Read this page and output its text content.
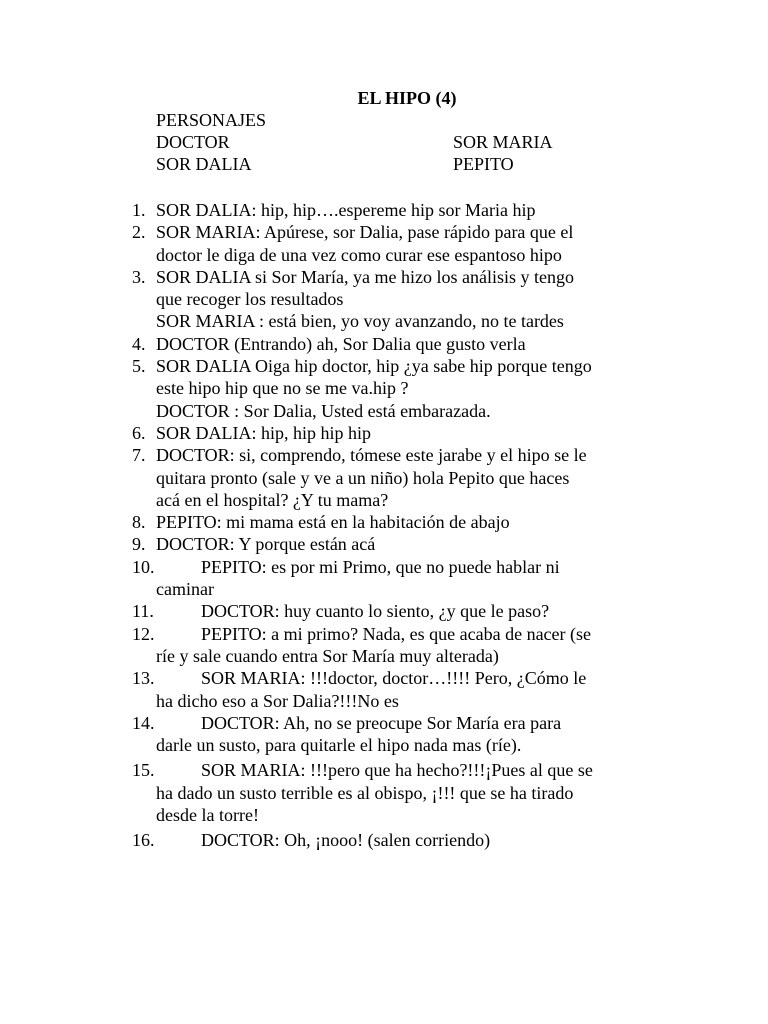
EL HIPO (4)
PERSONAJES
DOCTOR	SOR MARIA
SOR DALIA	PEPITO
1. SOR DALIA: hip, hip….espereme hip sor Maria hip
2. SOR MARIA: Apúrese, sor Dalia, pase rápido para que el
doctor le diga de una vez como curar ese espantoso hipo
3. SOR DALIA si Sor María, ya me hizo los análisis y tengo
que recoger los resultados
SOR MARIA : está bien, yo voy avanzando, no te tardes
4. DOCTOR (Entrando) ah, Sor Dalia que gusto verla
5. SOR DALIA Oiga hip doctor, hip ¿ya sabe hip porque tengo
este hipo hip que no se me va.hip ?
DOCTOR : Sor Dalia, Usted está embarazada.
6. SOR DALIA: hip, hip hip hip
7. DOCTOR: si, comprendo, tómese este jarabe y el hipo se le
quitara pronto (sale y ve a un niño) hola Pepito que haces
acá en el hospital? ¿Y tu mama?
8. PEPITO: mi mama está en la habitación de abajo
9. DOCTOR: Y porque están acá
10.	PEPITO: es por mi Primo, que no puede hablar ni
caminar
11.	DOCTOR: huy cuanto lo siento, ¿y que le paso?
12.	PEPITO: a mi primo? Nada, es que acaba de nacer (se
ríe y sale cuando entra Sor María muy alterada)
13.	SOR MARIA: !!!doctor, doctor…!!!! Pero, ¿Cómo le
ha dicho eso a Sor Dalia?!!!No es
14.	DOCTOR: Ah, no se preocupe Sor María era para
darle un susto, para quitarle el hipo nada mas (ríe).
15.	SOR MARIA: !!!pero que ha hecho?!!!¡Pues al que se
ha dado un susto terrible es al obispo, ¡!!! que se ha tirado
desde la torre!
16.	DOCTOR: Oh, ¡nooo! (salen corriendo)
